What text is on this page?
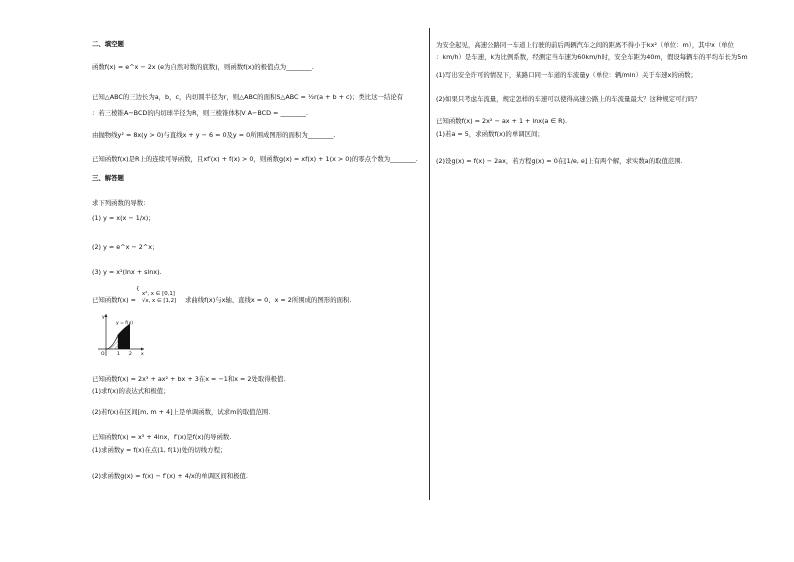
二、填空题
函数f(x) = e^x − 2x (e为自然对数的底数)，则函数f(x)的极值点为________.
已知△ABC的三边长为a，b，c，内切圆半径为r，则△ABC的面积S△ABC = ½r(a + b + c)；类比这一结论有
：若三棱锥A−BCD的内切球半径为R，则三棱锥体积V A−BCD = ________.
由抛物线y² = 8x(y > 0)与直线x + y − 6 = 0及y = 0所围成图形的面积为________.
已知函数f(x)是R上的连续可导函数，且xf′(x) + f(x) > 0，则函数g(x) = xf(x) + 1(x > 0)的零点个数为________.
三、解答题
求下列函数的导数：
(1) y = x(x − 1/x)；
(2) y = e^x − 2^x；
(3) y = x²(lnx + sinx).
已知函数f(x) =
{
x², x ∈ [0,1]
√x, x ∈ [1,2] 求曲线f(x)与x轴、直线x = 0、x = 2所围成的图形的面积.
y = f(x)
y
x
O	1 2
已知函数f(x) = 2x³ + ax² + bx + 3在x = −1和x = 2处取得极值.
(1)求f(x)的表达式和极值；
(2)若f(x)在区间[m, m + 4]上是单调函数，试求m的取值范围.
已知函数f(x) = x³ + 4lnx，f′(x)是f(x)的导函数.
(1)求函数y = f(x)在点(1, f(1))处的切线方程；
(2)求函数g(x) = f(x) − f′(x) + 4/x的单调区间和极值.
为安全起见，高速公路同一车道上行驶的前后两辆汽车之间的距离不得小于kx²（单位：m），其中x（单位
：km/h）是车速，k为比例系数，经测定当车速为60km/h时，安全车距为40m，假设每辆车的平均车长为5m
(1)写出安全许可的情况下，某路口同一车道的车流量y（单位：辆/min）关于车速x的函数；
(2)如果只考虑车流量，规定怎样的车速可以使得高速公路上的车流量最大？这种规定可行吗？
已知函数f(x) = 2x² − ax + 1 + lnx(a ∈ R).
(1)若a = 5，求函数f(x)的单调区间；
(2)设g(x) = f(x) − 2ax，若方程g(x) = 0在[1/e, e]上有两个解，求实数a的取值范围.
